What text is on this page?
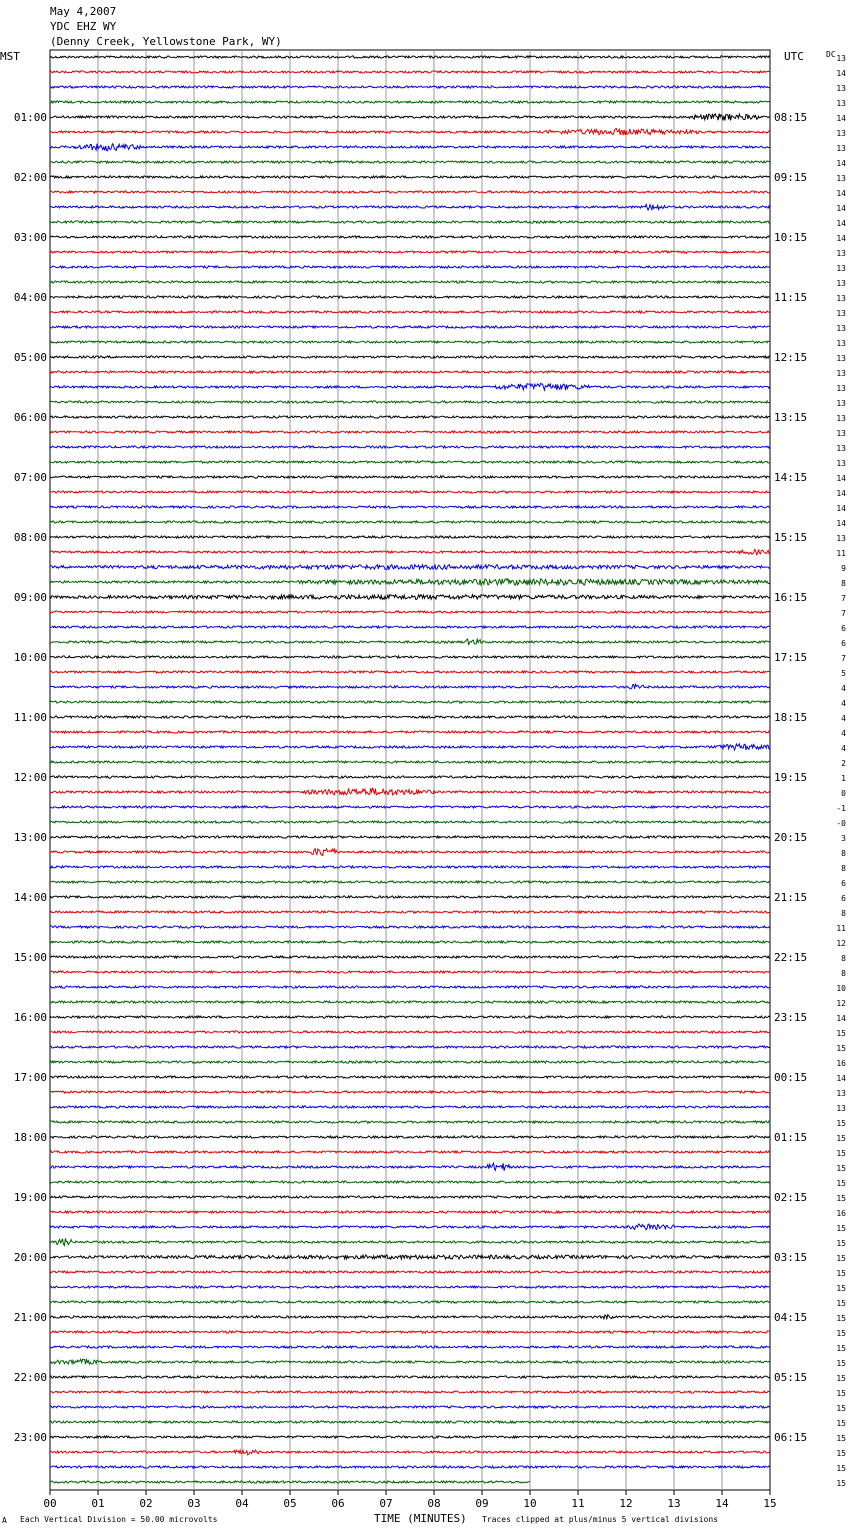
May 4,2007
YDC EHZ WY
(Denny Creek, Yellowstone Park, WY)
MST	UTC	DC
01:00
02:00
03:00
04:00
05:00
06:00
07:00
08:00
09:00
10:00
11:00
12:00
13:00
14:00
15:00
16:00
17:00
18:00
19:00
20:00
21:00
22:00
23:00
08:15
09:15
10:15
11:15
12:15
13:15
14:15
15:15
16:15
17:15
18:15
19:15
20:15
21:15
22:15
23:15
00:15
01:15
02:15
03:15
04:15
05:15
06:15
13
14
13
13
14
13
13
14
13
14
14
14
14
13
13
13
13
13
13
13
13
13
13
13
13
13
13
13
14
14
14
14
13
11
9
8
7
7
6
6
7
5
4
4
4
4
4
2
1
0
-1
-0
3
8
8
6
6
8
11
12
8
8
10
12
14
15
15
16
14
13
13
15
15
15
15
15
15
16
15
15
15
15
15
15
15
15
15
15
15
15
15
15
15
15
15
15
00	01	02	03	04	05	06	07	08	09	10	11	12	13	14	15
A Each Vertical Division = 50.00 microvolts	TIME (MINUTES) Traces clipped at plus/minus 5 vertical divisions
